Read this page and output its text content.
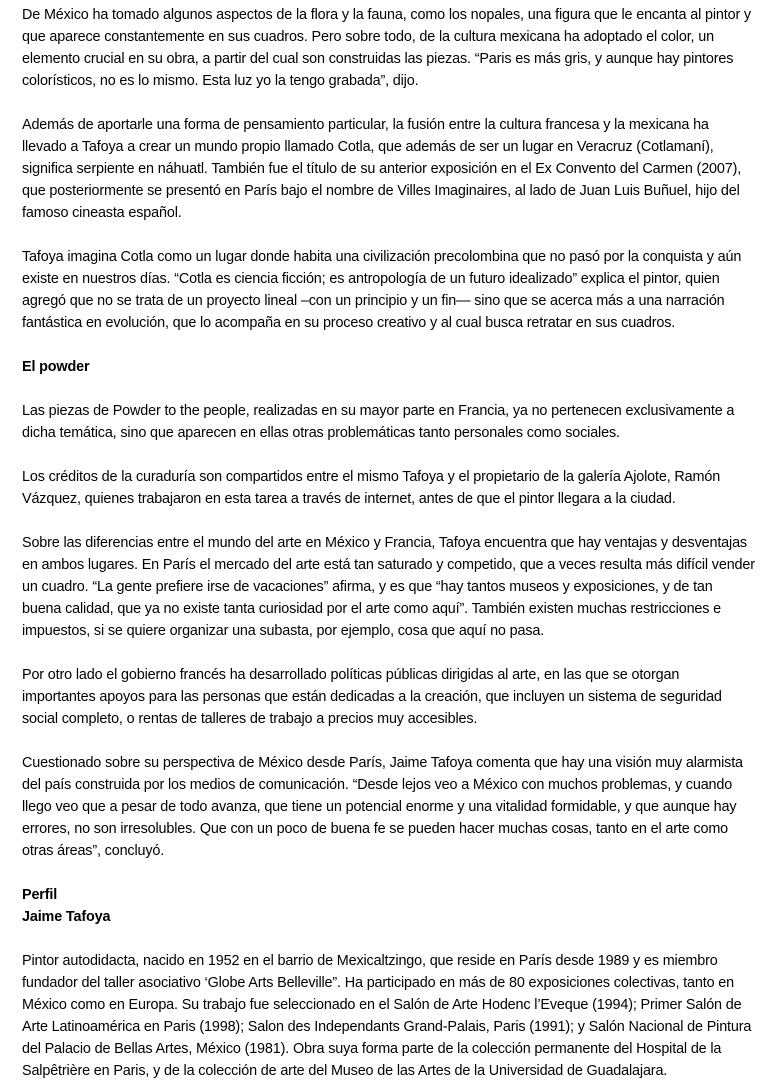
De México ha tomado algunos aspectos de la flora y la fauna, como los nopales, una figura que le encanta al pintor y
que aparece constantemente en sus cuadros. Pero sobre todo, de la cultura mexicana ha adoptado el color, un
elemento crucial en su obra, a partir del cual son construidas las piezas. “Paris es más gris, y aunque hay pintores
colorísticos, no es lo mismo. Esta luz yo la tengo grabada”, dijo.

Además de aportarle una forma de pensamiento particular, la fusión entre la cultura francesa y la mexicana ha
llevado a Tafoya a crear un mundo propio llamado Cotla, que además de ser un lugar en Veracruz (Cotlamaní),
significa serpiente en náhuatl. También fue el título de su anterior exposición en el Ex Convento del Carmen (2007),
que posteriormente se presentó en París bajo el nombre de Villes Imaginaires, al lado de Juan Luis Buñuel, hijo del
famoso cineasta español.

Tafoya imagina Cotla como un lugar donde habita una civilización precolombina que no pasó por la conquista y aún
existe en nuestros días. “Cotla es ciencia ficción; es antropología de un futuro idealizado” explica el pintor, quien
agregó que no se trata de un proyecto lineal –con un principio y un fin— sino que se acerca más a una narración
fantástica en evolución, que lo acompaña en su proceso creativo y al cual busca retratar en sus cuadros.

El powder

Las piezas de Powder to the people, realizadas en su mayor parte en Francia, ya no pertenecen exclusivamente a
dicha temática, sino que aparecen en ellas otras problemáticas tanto personales como sociales.

Los créditos de la curaduría son compartidos entre el mismo Tafoya y el propietario de la galería Ajolote, Ramón
Vázquez, quienes trabajaron en esta tarea a través de internet, antes de que el pintor llegara a la ciudad.

Sobre las diferencias entre el mundo del arte en México y Francia, Tafoya encuentra que hay ventajas y desventajas
en ambos lugares. En París el mercado del arte está tan saturado y competido, que a veces resulta más difícil vender
un cuadro. “La gente prefiere irse de vacaciones” afirma, y es que “hay tantos museos y exposiciones, y de tan
buena calidad, que ya no existe tanta curiosidad por el arte como aquí”. También existen muchas restricciones e
impuestos, si se quiere organizar una subasta, por ejemplo, cosa que aquí no pasa.

Por otro lado el gobierno francés ha desarrollado políticas públicas dirigidas al arte, en las que se otorgan
importantes apoyos para las personas que están dedicadas a la creación, que incluyen un sistema de seguridad
social completo, o rentas de talleres de trabajo a precios muy accesibles.

Cuestionado sobre su perspectiva de México desde París, Jaime Tafoya comenta que hay una visión muy alarmista
del país construida por los medios de comunicación. “Desde lejos veo a México con muchos problemas, y cuando
llego veo que a pesar de todo avanza, que tiene un potencial enorme y una vitalidad formidable, y que aunque hay
errores, no son irresolubles. Que con un poco de buena fe se pueden hacer muchas cosas, tanto en el arte como
otras áreas”, concluyó.

Perfil
Jaime Tafoya

Pintor autodidacta, nacido en 1952 en el barrio de Mexicaltzingo, que reside en París desde 1989 y es miembro
fundador del taller asociativo ‘Globe Arts Belleville”. Ha participado en más de 80 exposiciones colectivas, tanto en
México como en Europa. Su trabajo fue seleccionado en el Salón de Arte Hodenc l’Eveque (1994); Primer Salón de
Arte Latinoamérica en Paris (1998); Salon des Independants Grand-Palais, Paris (1991); y Salón Nacional de Pintura
del Palacio de Bellas Artes, México (1981). Obra suya forma parte de la colección permanente del Hospital de la
Salpêtrière en Paris, y de la colección de arte del Museo de las Artes de la Universidad de Guadalajara.
